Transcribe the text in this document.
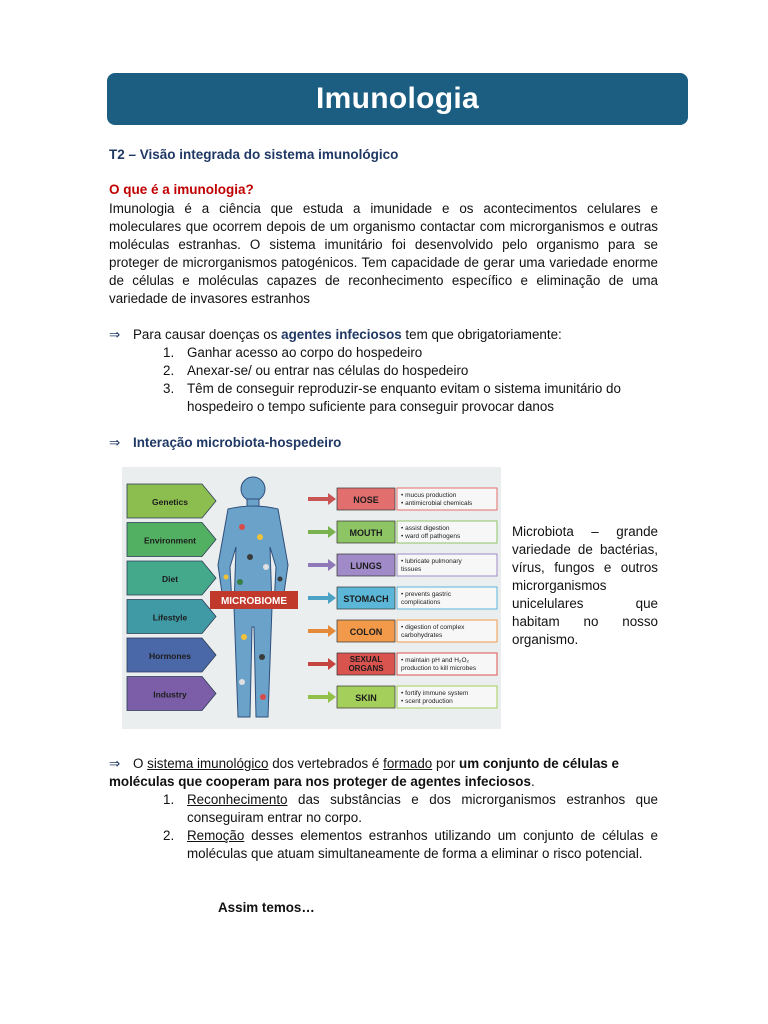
Imunologia
T2 – Visão integrada do sistema imunológico
O que é a imunologia?

Imunologia é a ciência que estuda a imunidade e os acontecimentos celulares e moleculares que ocorrem depois de um organismo contactar com microrganismos e outras moléculas estranhas. O sistema imunitário foi desenvolvido pelo organismo para se proteger de microrganismos patogénicos. Tem capacidade de gerar uma variedade enorme de células e moléculas capazes de reconhecimento específico e eliminação de uma variedade de invasores estranhos

⇒ Para causar doenças os agentes infeciosos tem que obrigatoriamente:
1. Ganhar acesso ao corpo do hospedeiro
2. Anexar-se/ ou entrar nas células do hospedeiro
3. Têm de conseguir reproduzir-se enquanto evitam o sistema imunitário do hospedeiro o tempo suficiente para conseguir provocar danos
⇒ Interação microbiota-hospedeiro
Genetics
Environment
Diet
Lifestyle
Hormones
Industry
MICROBIOME
NOSE	• mucus production
• antimicrobial chemicals
MOUTH	• assist digestion
• ward off pathogens
LUNGS	• lubricate pulmonary
tissues
STOMACH • prevents gastric
complications
COLON	• digestion of complex
carbohydrates
SEXUAL
ORGANS
• maintain pH and H₂O₂
production to kill microbes
SKIN	• fortify immune system
• scent production

Microbiota – grande variedade de bactérias, vírus, fungos e outros microrganismos unicelulares que habitam no nosso organismo.

⇒ O sistema imunológico dos vertebrados é formado por um conjunto de células e moléculas que cooperam para nos proteger de agentes infeciosos.
1. Reconhecimento das substâncias e dos microrganismos estranhos que conseguiram entrar no corpo.
2. Remoção desses elementos estranhos utilizando um conjunto de células e moléculas que atuam simultaneamente de forma a eliminar o risco potencial.
Assim temos…
